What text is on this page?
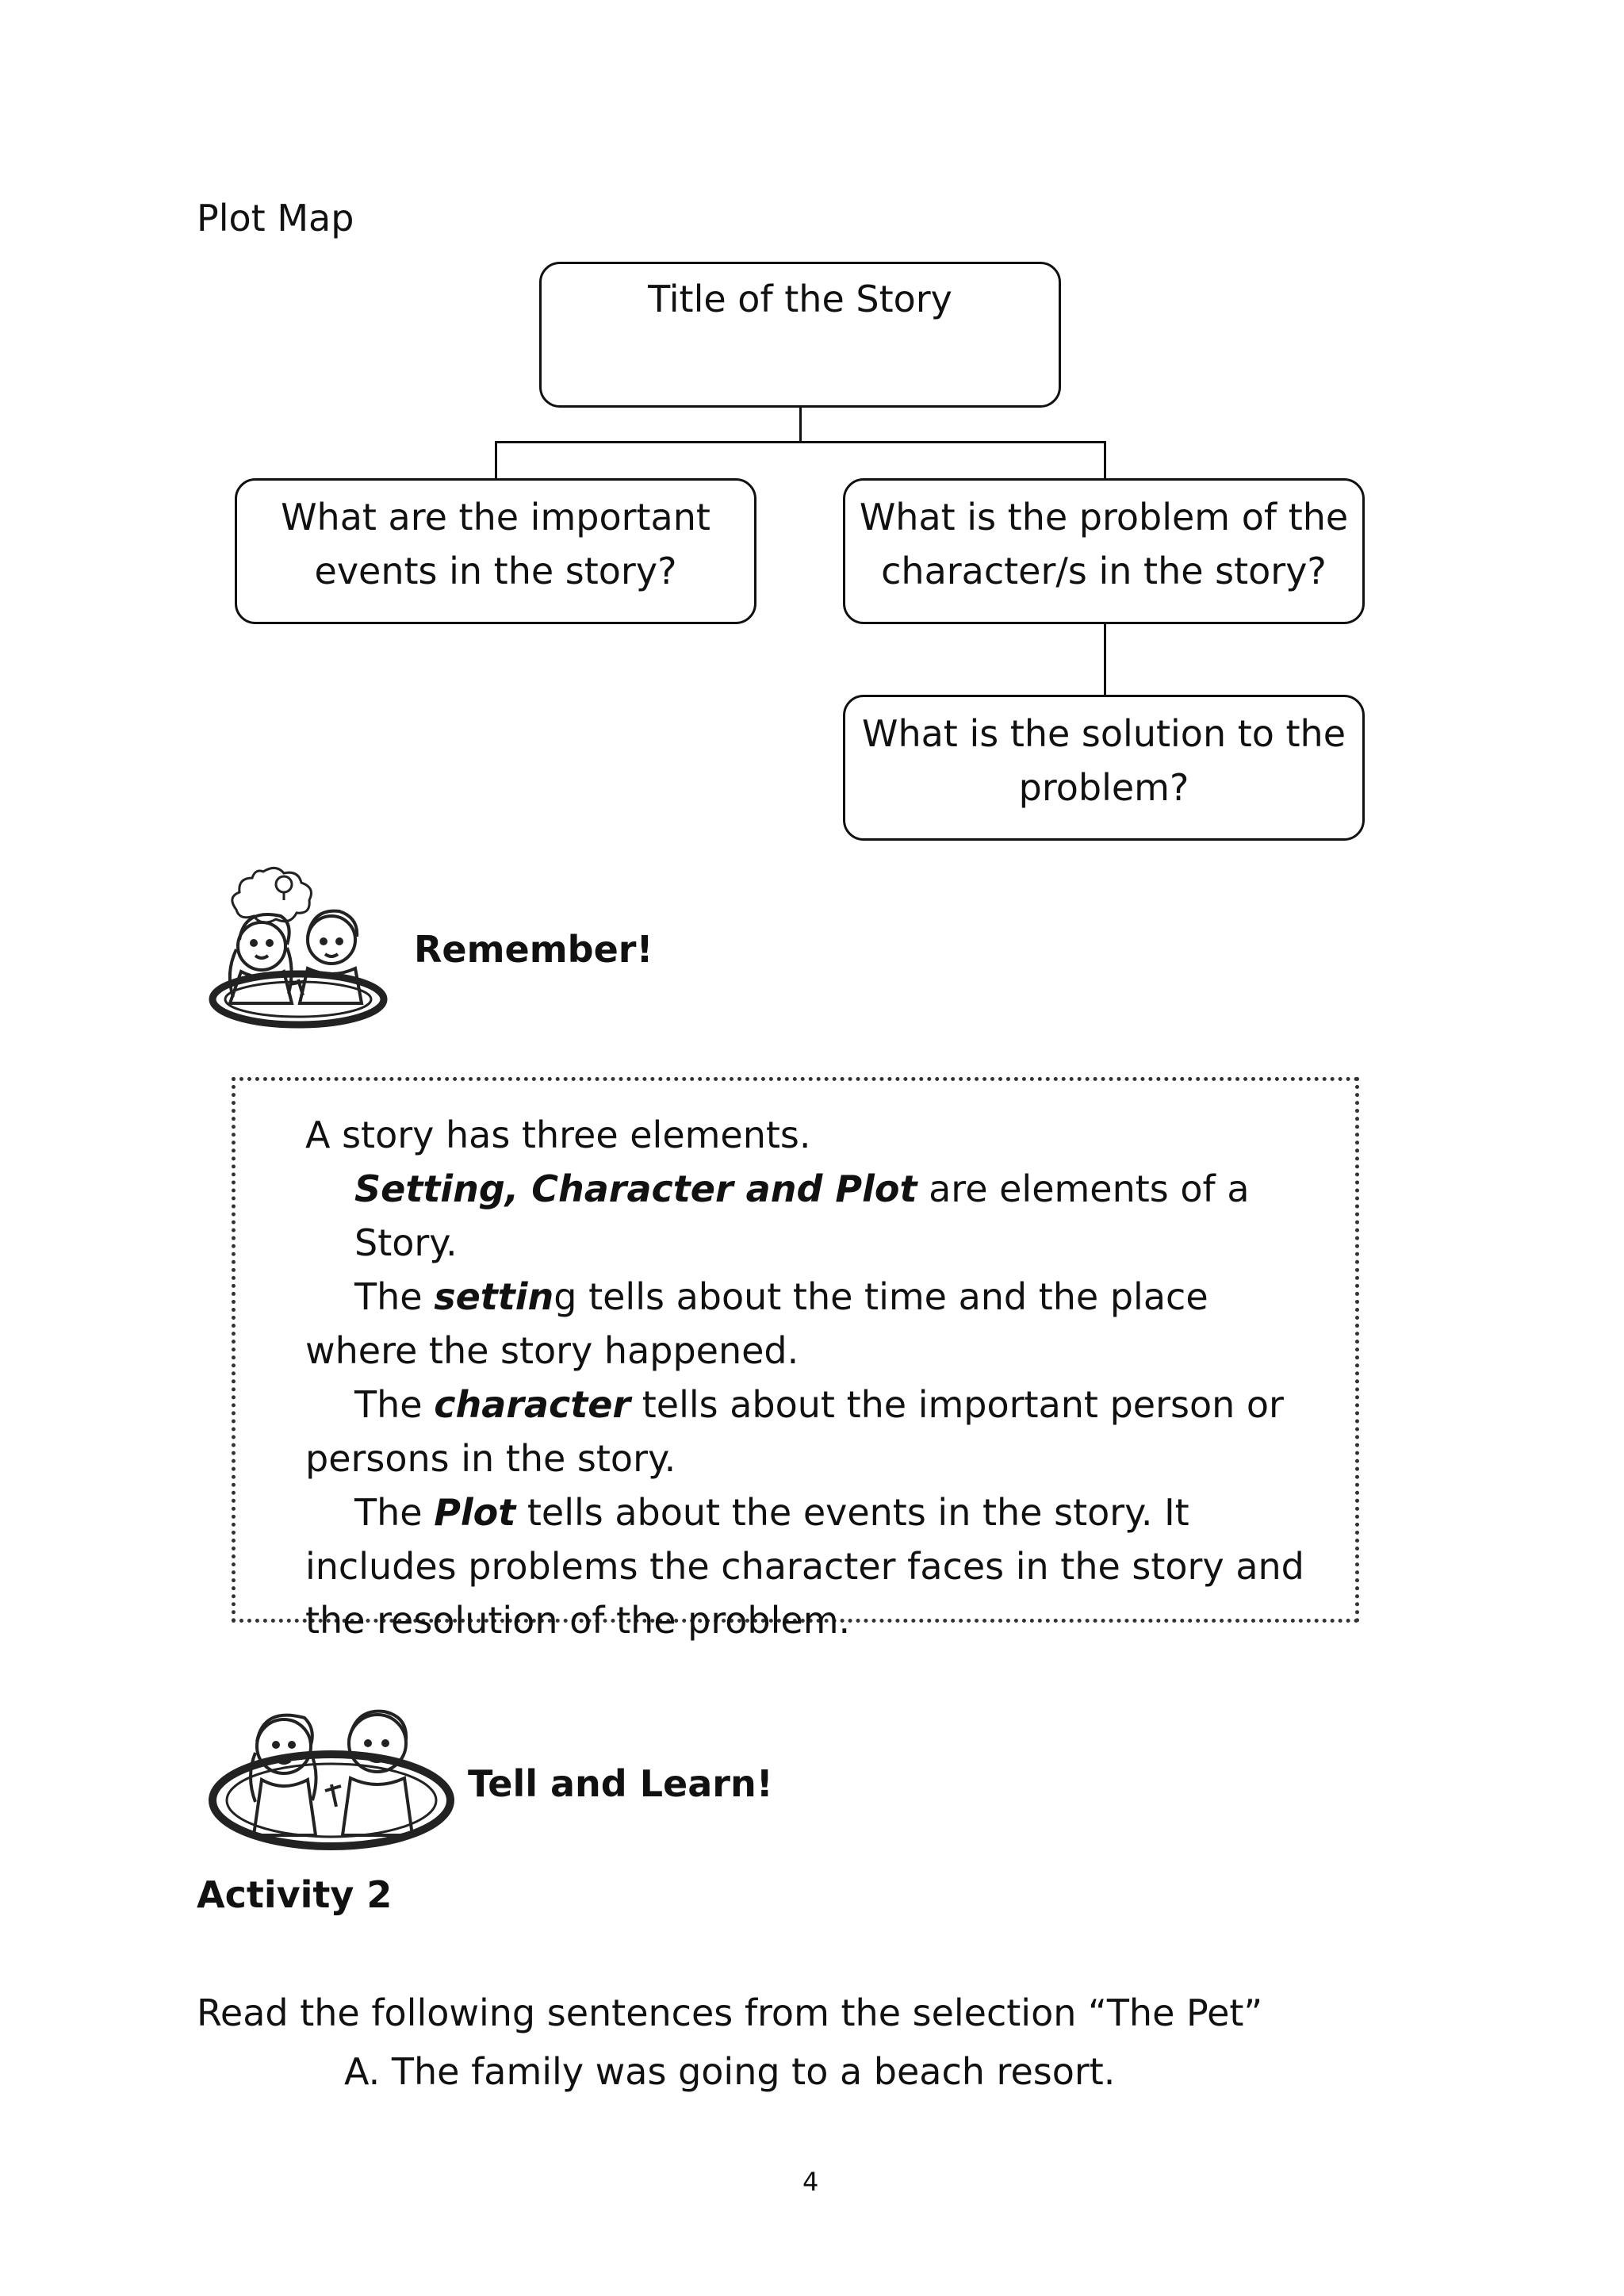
Plot Map
Title of the Story
What are the important
events in the story?
What is the problem of the
character/s in the story?
What is the solution to the
problem?
Remember!

A story has three elements.

Setting, Character and Plot are elements of a Story.

The setting tells about the time and the place where the story happened.

The character tells about the important person or persons in the story.

The Plot tells about the events in the story. It includes problems the character faces in the story and the resolution of the problem.

Tell and Learn!
Activity 2
Read the following sentences from the selection “The Pet”
A. The family was going to a beach resort.
4
